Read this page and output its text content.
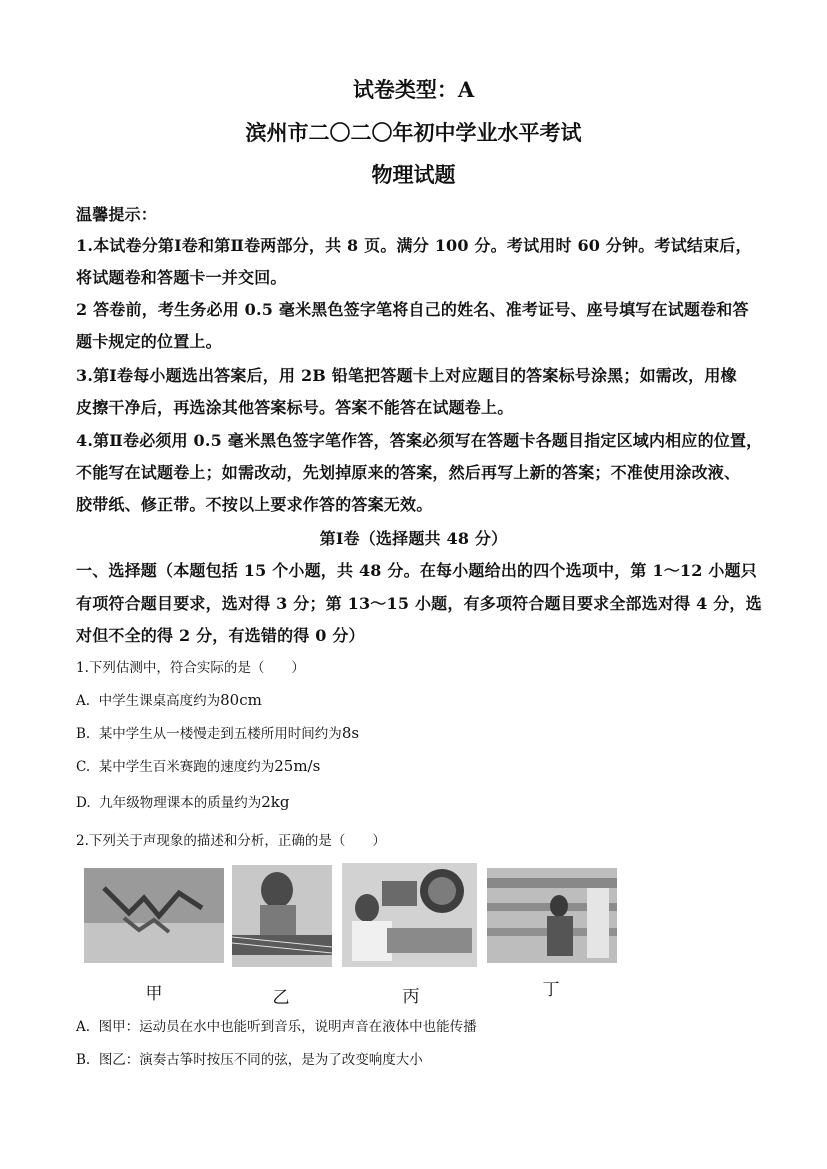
试卷类型：A
滨州市二〇二〇年初中学业水平考试
物理试题
温馨提示：
1.本试卷分第Ⅰ卷和第Ⅱ卷两部分，共 8 页。满分 100 分。考试用时 60 分钟。考试结束后，
将试题卷和答题卡一并交回。
2 答卷前，考生务必用 0.5 毫米黑色签字笔将自己的姓名、准考证号、座号填写在试题卷和答
题卡规定的位置上。
3.第Ⅰ卷每小题选出答案后，用 2B 铅笔把答题卡上对应题目的答案标号涂黑；如需改，用橡
皮擦干净后，再选涂其他答案标号。答案不能答在试题卷上。
4.第Ⅱ卷必须用 0.5 毫米黑色签字笔作答，答案必须写在答题卡各题目指定区域内相应的位置，
不能写在试题卷上；如需改动，先划掉原来的答案，然后再写上新的答案；不准使用涂改液、
胶带纸、修正带。不按以上要求作答的答案无效。
第Ⅰ卷（选择题共 48 分）
一、选择题（本题包括 15 个小题，共 48 分。在每小题给出的四个选项中，第 1～12 小题只
有项符合题目要求，选对得 3 分；第 13～15 小题，有多项符合题目要求全部选对得 4 分，选
对但不全的得 2 分，有选错的得 0 分）
1.下列估测中，符合实际的是（　　）
A. 中学生课桌高度约为80cm
B. 某中学生从一楼慢走到五楼所用时间约为8s
C. 某中学生百米赛跑的速度约为25m/s
D. 九年级物理课本的质量约为2kg
2.下列关于声现象的描述和分析，正确的是（　　）
甲	乙	丙	丁
A. 图甲：运动员在水中也能听到音乐，说明声音在液体中也能传播
B. 图乙：演奏古筝时按压不同的弦，是为了改变响度大小
